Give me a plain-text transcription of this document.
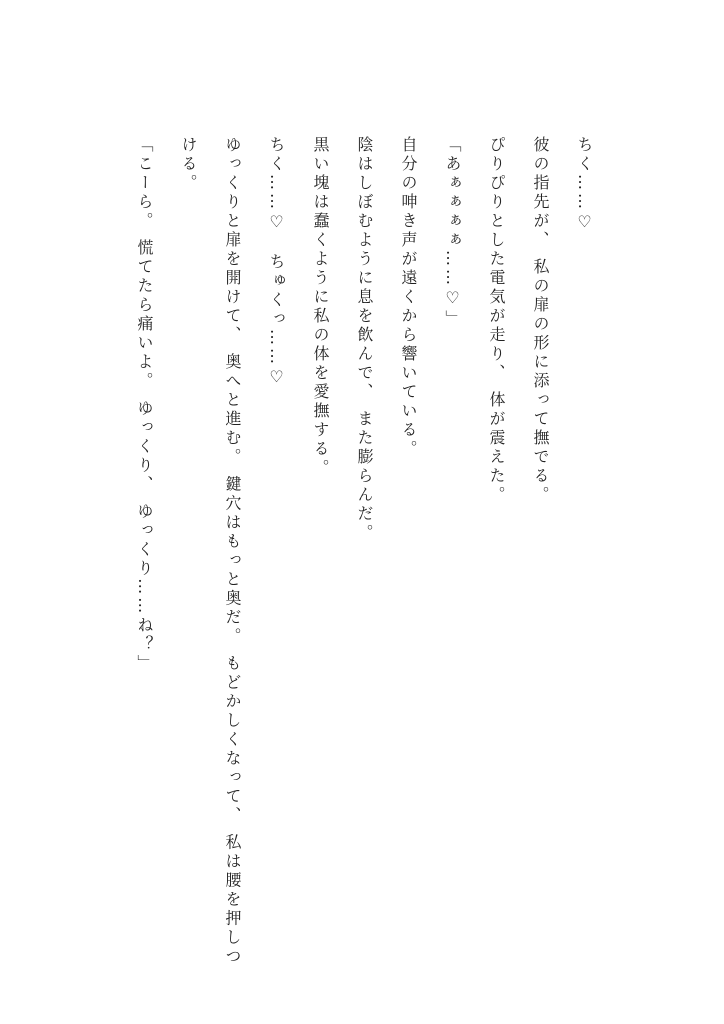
ちく……♡
彼の指先が、 私の扉の形に添って撫でる。
ぴりぴりとした電気が走り、 体が震えた。
「あぁぁぁぁ……♡」
自分の呻き声が遠くから響いている。
陰はしぼむように息を飲んで、 また膨らんだ。
黒い塊は蠢くように私の体を愛撫する。
ちく……♡　ちゅくっ……♡
ゆっくりと扉を開けて、 奥へと進む。 鍵穴はもっと奥だ。 もどかしくなって、 私は腰を押しつ
ける。
「こーら。 慌てたら痛いよ。 ゆっくり、 ゆっくり……ね？」
